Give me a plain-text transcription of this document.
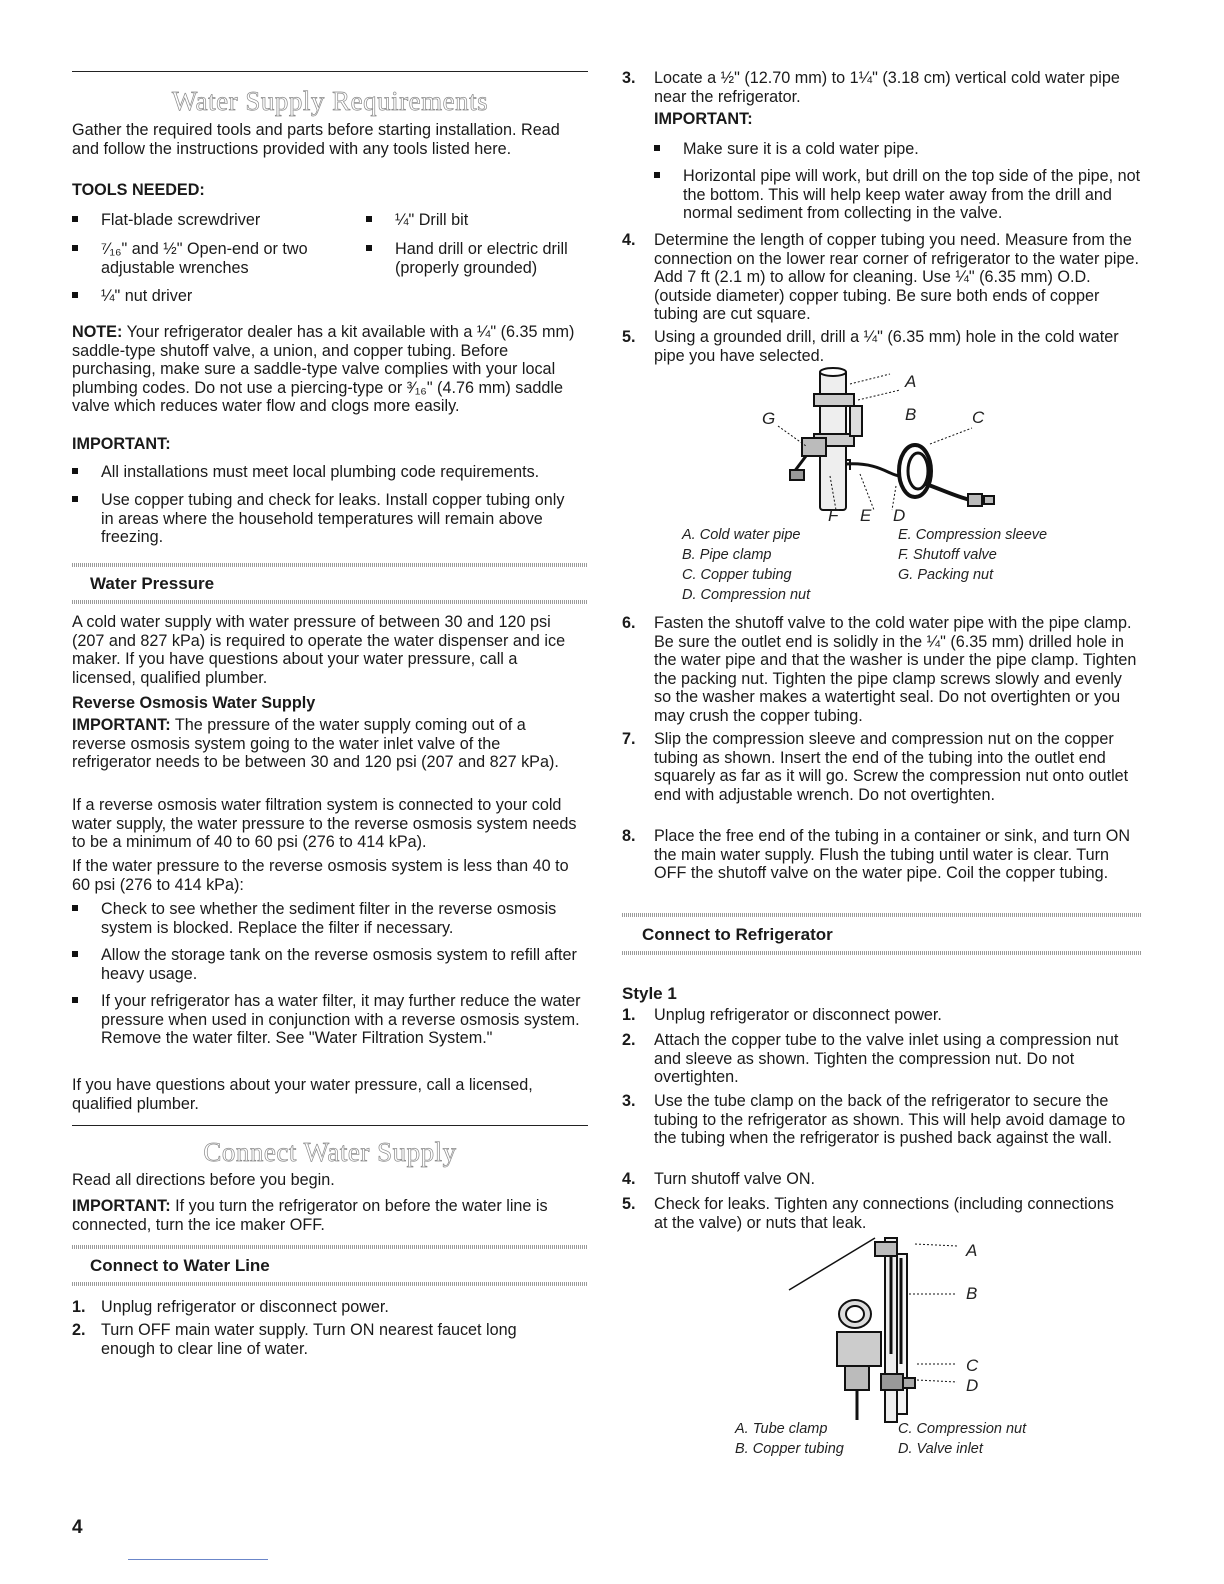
Water Supply Requirements

Gather the required tools and parts before starting installation. Read and follow the instructions provided with any tools listed here.

TOOLS NEEDED:

Flat-blade screwdriver	¼" Drill bit

⁷⁄₁₆" and ½" Open-end or two adjustable wrenches

Hand drill or electric drill (properly grounded)

¼" nut driver

NOTE: Your refrigerator dealer has a kit available with a ¼" (6.35 mm) saddle-type shutoff valve, a union, and copper tubing. Before purchasing, make sure a saddle-type valve complies with your local plumbing codes. Do not use a piercing-type or ³⁄₁₆" (4.76 mm) saddle valve which reduces water flow and clogs more easily.

IMPORTANT:

All installations must meet local plumbing code requirements.

Use copper tubing and check for leaks. Install copper tubing only in areas where the household temperatures will remain above freezing.

Water Pressure

A cold water supply with water pressure of between 30 and 120 psi (207 and 827 kPa) is required to operate the water dispenser and ice maker. If you have questions about your water pressure, call a licensed, qualified plumber.

Reverse Osmosis Water Supply

IMPORTANT: The pressure of the water supply coming out of a reverse osmosis system going to the water inlet valve of the refrigerator needs to be between 30 and 120 psi (207 and 827 kPa).

If a reverse osmosis water filtration system is connected to your cold water supply, the water pressure to the reverse osmosis system needs to be a minimum of 40 to 60 psi (276 to 414 kPa).

If the water pressure to the reverse osmosis system is less than 40 to 60 psi (276 to 414 kPa):

Check to see whether the sediment filter in the reverse osmosis system is blocked. Replace the filter if necessary.

Allow the storage tank on the reverse osmosis system to refill after heavy usage.

If your refrigerator has a water filter, it may further reduce the water pressure when used in conjunction with a reverse osmosis system. Remove the water filter. See "Water Filtration System."

If you have questions about your water pressure, call a licensed, qualified plumber.

Connect Water Supply

Read all directions before you begin.

IMPORTANT: If you turn the refrigerator on before the water line is connected, turn the ice maker OFF.

Connect to Water Line
1. Unplug refrigerator or disconnect power.

2. Turn OFF main water supply. Turn ON nearest faucet long enough to clear line of water.

4
3. Locate a ½" (12.70 mm) to 1¼" (3.18 cm) vertical cold water pipe near the refrigerator.

IMPORTANT:

Make sure it is a cold water pipe.

Horizontal pipe will work, but drill on the top side of the pipe, not the bottom. This will help keep water away from the drill and normal sediment from collecting in the valve.

4. Determine the length of copper tubing you need. Measure from the connection on the lower rear corner of refrigerator to the water pipe. Add 7 ft (2.1 m) to allow for cleaning. Use ¼" (6.35 mm) O.D. (outside diameter) copper tubing. Be sure both ends of copper tubing are cut square.

5. Using a grounded drill, drill a ¼" (6.35 mm) hole in the cold water pipe you have selected.

A
B	C
G
F E D
A. Cold water pipe
B. Pipe clamp
C. Copper tubing
D. Compression nut
E. Compression sleeve
F. Shutoff valve
G. Packing nut
6. Fasten the shutoff valve to the cold water pipe with the pipe clamp. Be sure the outlet end is solidly in the ¼" (6.35 mm) drilled hole in the water pipe and that the washer is under the pipe clamp. Tighten the packing nut. Tighten the pipe clamp screws slowly and evenly so the washer makes a watertight seal. Do not overtighten or you may crush the copper tubing.

7. Slip the compression sleeve and compression nut on the copper tubing as shown. Insert the end of the tubing into the outlet end squarely as far as it will go. Screw the compression nut onto outlet end with adjustable wrench. Do not overtighten.

8. Place the free end of the tubing in a container or sink, and turn ON the main water supply. Flush the tubing until water is clear. Turn OFF the shutoff valve on the water pipe. Coil the copper tubing.

Connect to Refrigerator
Style 1
1. Unplug refrigerator or disconnect power.

2. Attach the copper tube to the valve inlet using a compression nut and sleeve as shown. Tighten the compression nut. Do not overtighten.

3. Use the tube clamp on the back of the refrigerator to secure the tubing to the refrigerator as shown. This will help avoid damage to the tubing when the refrigerator is pushed back against the wall.

4. Turn shutoff valve ON.

5. Check for leaks. Tighten any connections (including connections at the valve) or nuts that leak.

A
B
C
D
A. Tube clamp
B. Copper tubing
C. Compression nut
D. Valve inlet
